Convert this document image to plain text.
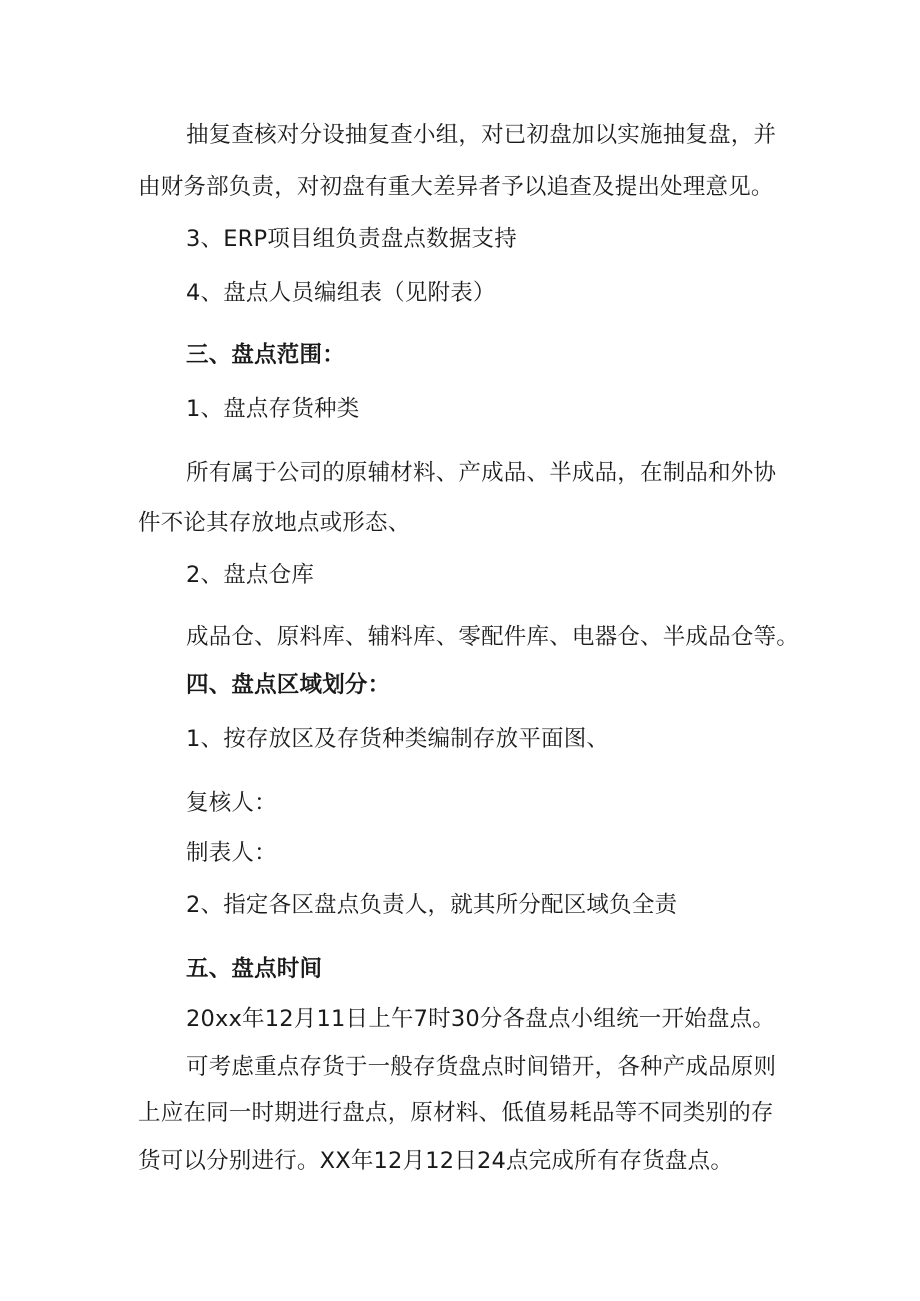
抽复查核对分设抽复查小组，对已初盘加以实施抽复盘，并
由财务部负责，对初盘有重大差异者予以追查及提出处理意见。
3、ERP项目组负责盘点数据支持
4、盘点人员编组表（见附表）
三、盘点范围：
1、盘点存货种类
所有属于公司的原辅材料、产成品、半成品，在制品和外协
件不论其存放地点或形态、
2、盘点仓库
成品仓、原料库、辅料库、零配件库、电器仓、半成品仓等。
四、盘点区域划分：
1、按存放区及存货种类编制存放平面图、
复核人：
制表人：
2、指定各区盘点负责人，就其所分配区域负全责
五、盘点时间
20xx年12月11日上午7时30分各盘点小组统一开始盘点。
可考虑重点存货于一般存货盘点时间错开，各种产成品原则
上应在同一时期进行盘点，原材料、低值易耗品等不同类别的存
货可以分别进行。XX年12月12日24点完成所有存货盘点。
